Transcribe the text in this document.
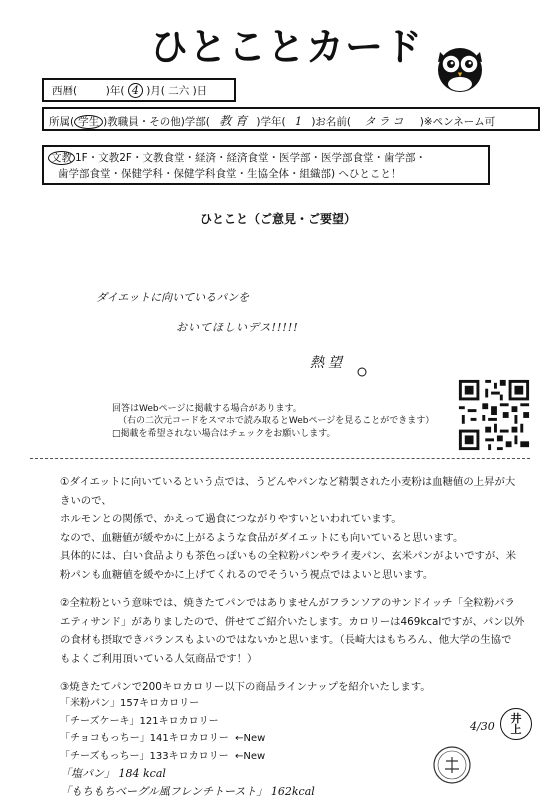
ひとことカード
西暦(	)年( 4 )月( 二六 )日
所属( 学生 )教職員・その他)学部( 教 育 )学年( 1 )お名前( タラコ )※ペンネーム可
文教 1F・文教2F・文教食堂・経済・経済食堂・医学部・医学部食堂・歯学部・
歯学部食堂・保健学科・保健学科食堂・生協全体・組織部) へひとこと！
ひとこと（ご意見・ご要望）
ダイエットに向いているパンを
おいてほしいデス!!!!!
熱望
回答はWebページに掲載する場合があります。
（右の二次元コードをスマホで読み取るとWebページを見ることができます）
□掲載を希望されない場合はチェックをお願いします。
①ダイエットに向いているという点では、うどんやパンなど精製された小麦粉は血糖値の上昇が大
きいので、
ホルモンとの関係で、かえって過食につながりやすいといわれています。
なので、血糖値が緩やかに上がるような食品がダイエットにも向いていると思います。
具体的には、白い食品よりも茶色っぽいもの全粒粉パンやライ麦パン、玄米パンがよいですが、米
粉パンも血糖値を緩やかに上げてくれるのでそういう視点ではよいと思います。
②全粒粉という意味では、焼きたてパンではありませんがフランソアのサンドイッチ「全粒粉バラ
エティサンド」がありましたので、併せてご紹介いたします。カロリーは469kcalですが、パン以外
の食材も摂取できバランスもよいのではないかと思います。（長崎大はもちろん、他大学の生協で
もよくご利用頂いている人気商品です！）
③焼きたてパンで200キロカロリー以下の商品ラインナップを紹介いたします。
「米粉パン」157キロカロリー
「チーズケーキ」121キロカロリー
「チョコもっちー」141キロカロリー ←New
「チーズもっちー」133キロカロリー ←New
「塩パン」 184 kcal
「もちもちベーグル風フレンチトースト」 162kcal
4/30
井上
